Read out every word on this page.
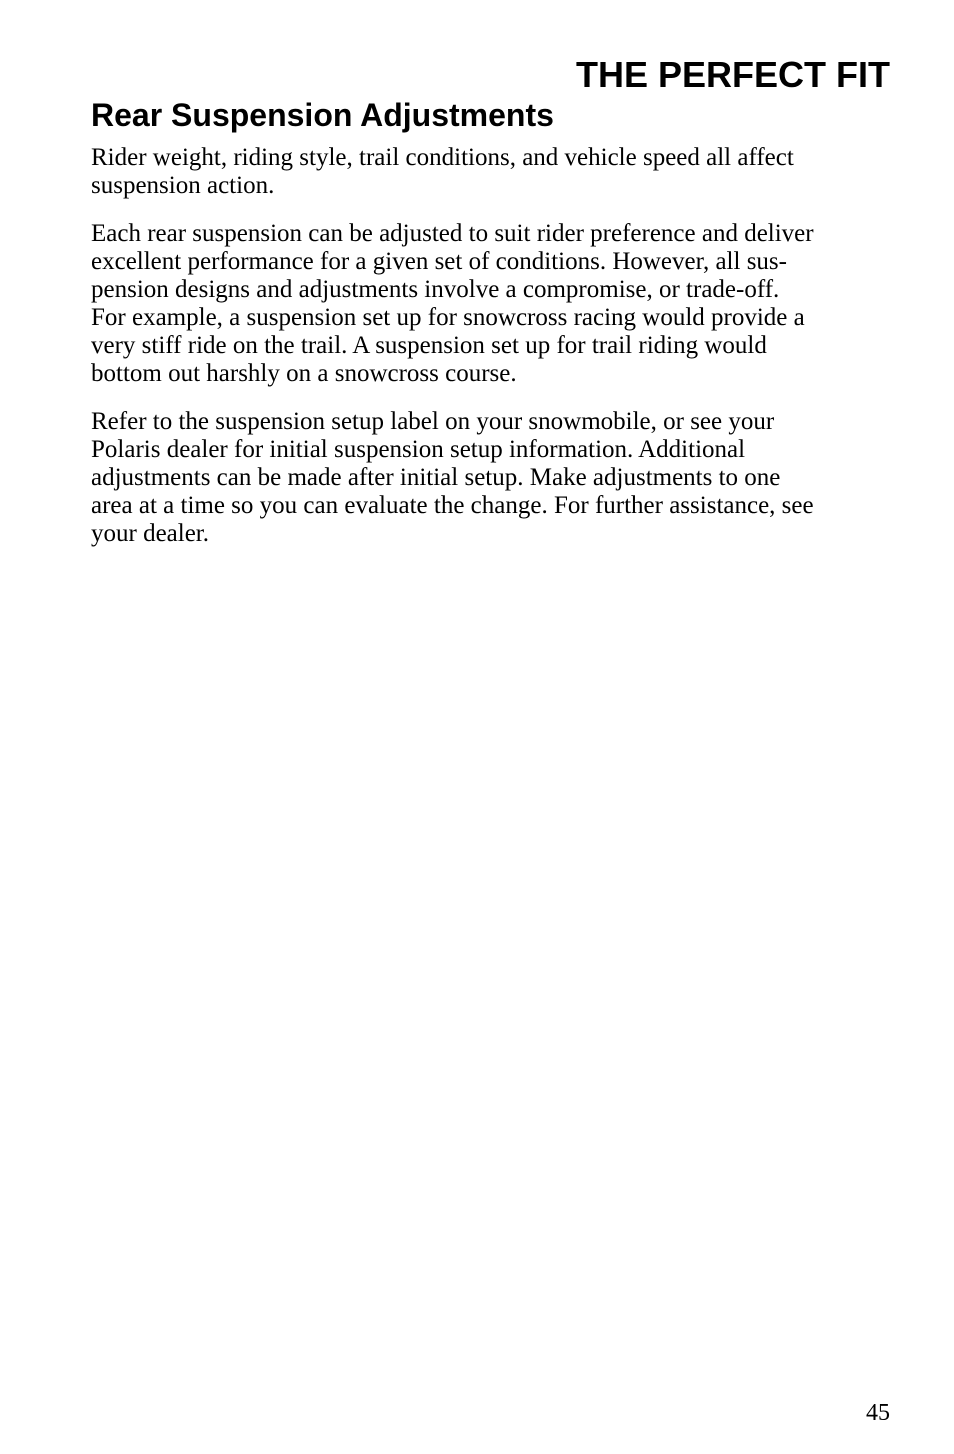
THE PERFECT FIT
Rear Suspension Adjustments

Rider weight, riding style, trail conditions, and vehicle speed all affect
suspension action.

Each rear suspension can be adjusted to suit rider preference and deliver
excellent performance for a given set of conditions. However, all sus-
pension designs and adjustments involve a compromise, or trade-off.
For example, a suspension set up for snowcross racing would provide a
very stiff ride on the trail. A suspension set up for trail riding would
bottom out harshly on a snowcross course.

Refer to the suspension setup label on your snowmobile, or see your
Polaris dealer for initial suspension setup information. Additional
adjustments can be made after initial setup. Make adjustments to one
area at a time so you can evaluate the change. For further assistance, see
your dealer.

45
